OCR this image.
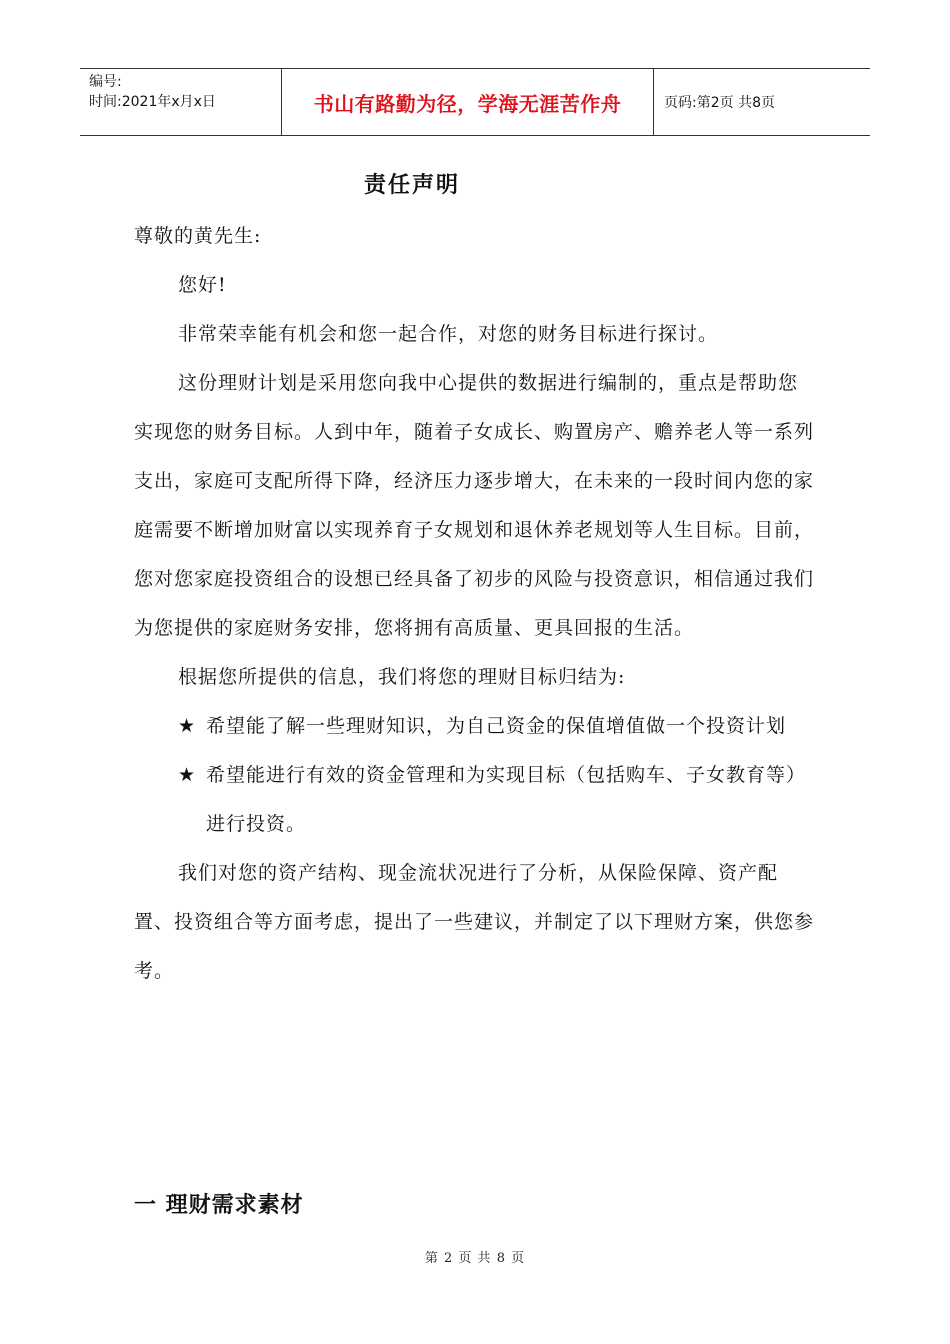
编号:
时间:2021年x月x日	书山有路勤为径，学海无涯苦作舟	页码:第2页 共8页
责任声明

尊敬的黄先生:

您好!

非常荣幸能有机会和您一起合作，对您的财务目标进行探讨。

这份理财计划是采用您向我中心提供的数据进行编制的，重点是帮助您实现您的财务目标。人到中年，随着子女成长、购置房产、赡养老人等一系列支出，家庭可支配所得下降，经济压力逐步增大，在未来的一段时间内您的家庭需要不断增加财富以实现养育子女规划和退休养老规划等人生目标。目前，您对您家庭投资组合的设想已经具备了初步的风险与投资意识，相信通过我们为您提供的家庭财务安排，您将拥有高质量、更具回报的生活。

根据您所提供的信息，我们将您的理财目标归结为:

★ 希望能了解一些理财知识，为自己资金的保值增值做一个投资计划
★ 希望能进行有效的资金管理和为实现目标（包括购车、子女教育等）进行投资。

我们对您的资产结构、现金流状况进行了分析，从保险保障、资产配置、投资组合等方面考虑，提出了一些建议，并制定了以下理财方案，供您参考。

一 理财需求素材
第 2 页 共 8 页
